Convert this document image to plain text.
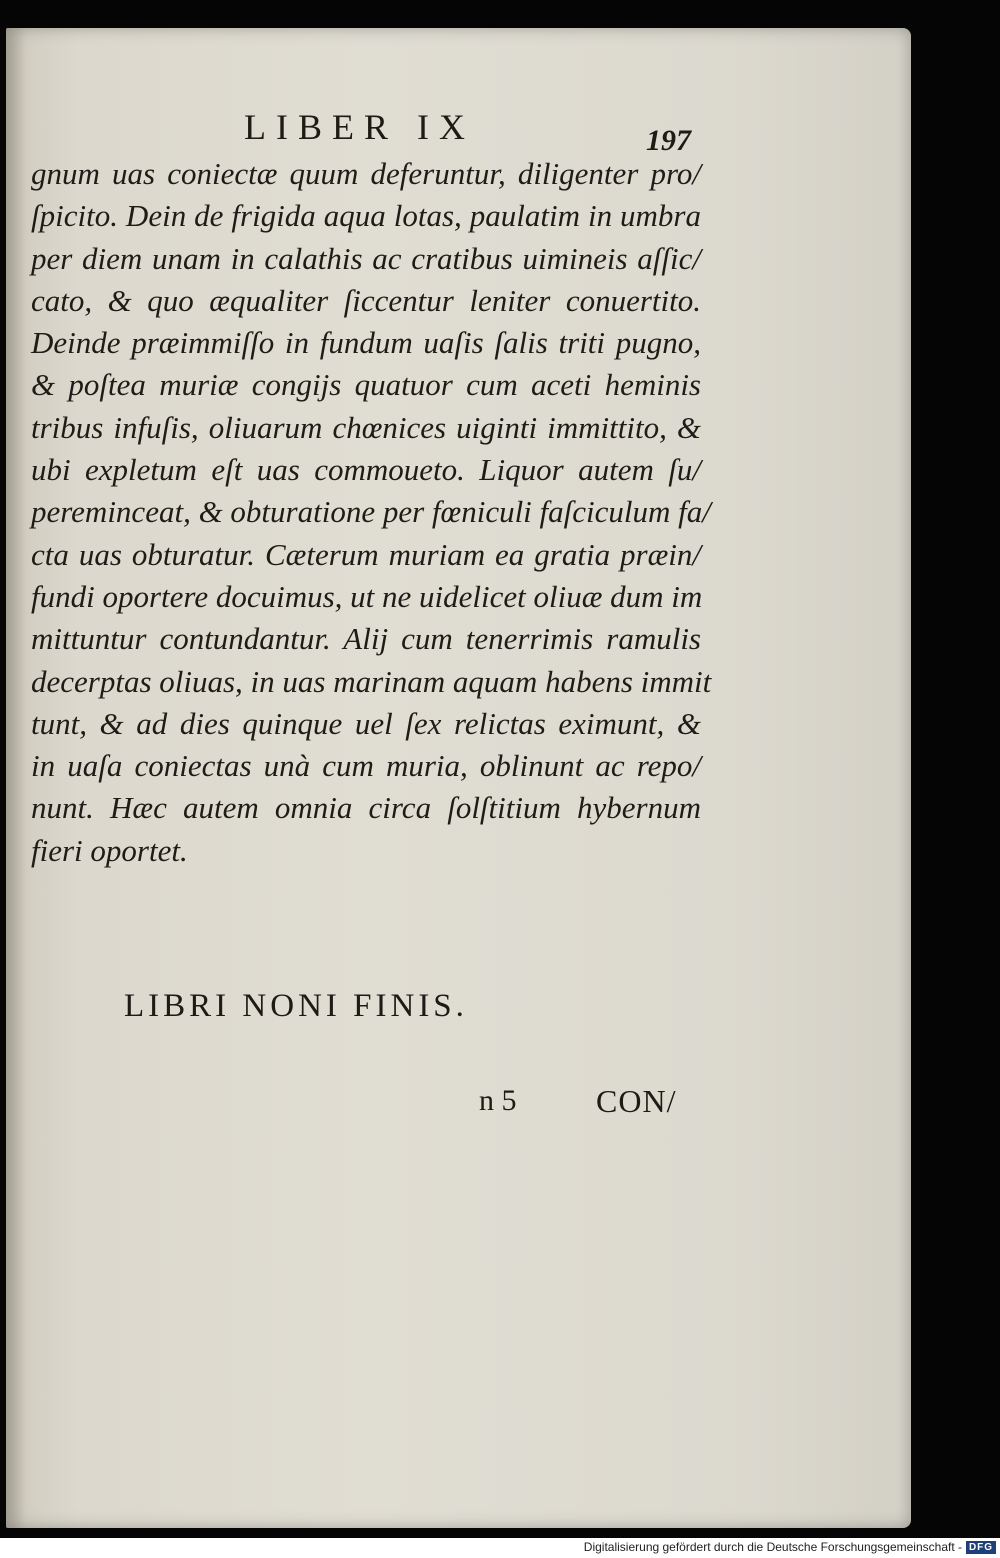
LIBER IX	197
gnum uas coniectæ quum deferuntur, diligenter pro/
ſpicito. Dein de frigida aqua lotas, paulatim in umbra
per diem unam in calathis ac cratibus uimineis aſſic/
cato, & quo æqualiter ſiccentur leniter conuertito.
Deinde præimmiſſo in fundum uaſis ſalis triti pugno,
& poſtea muriæ congijs quatuor cum aceti heminis
tribus infuſis, oliuarum chœnices uiginti immittito, &
ubi expletum eſt uas commoueto. Liquor autem ſu/
pereminceat, & obturatione per fœniculi faſciculum fa/
cta uas obturatur. Cæterum muriam ea gratia præin/
fundi oportere docuimus, ut ne uidelicet oliuæ dum im
mittuntur contundantur. Alij cum tenerrimis ramulis
decerptas oliuas, in uas marinam aquam habens immit
tunt, & ad dies quinque uel ſex relictas eximunt, &
in uaſa coniectas unà cum muria, oblinunt ac repo/
nunt. Hæc autem omnia circa ſolſtitium hybernum
fieri oportet.
LIBRI NONI FINIS.
n 5 CON/
Digitalisierung gefördert durch die Deutsche Forschungsgemeinschaft - DFG
